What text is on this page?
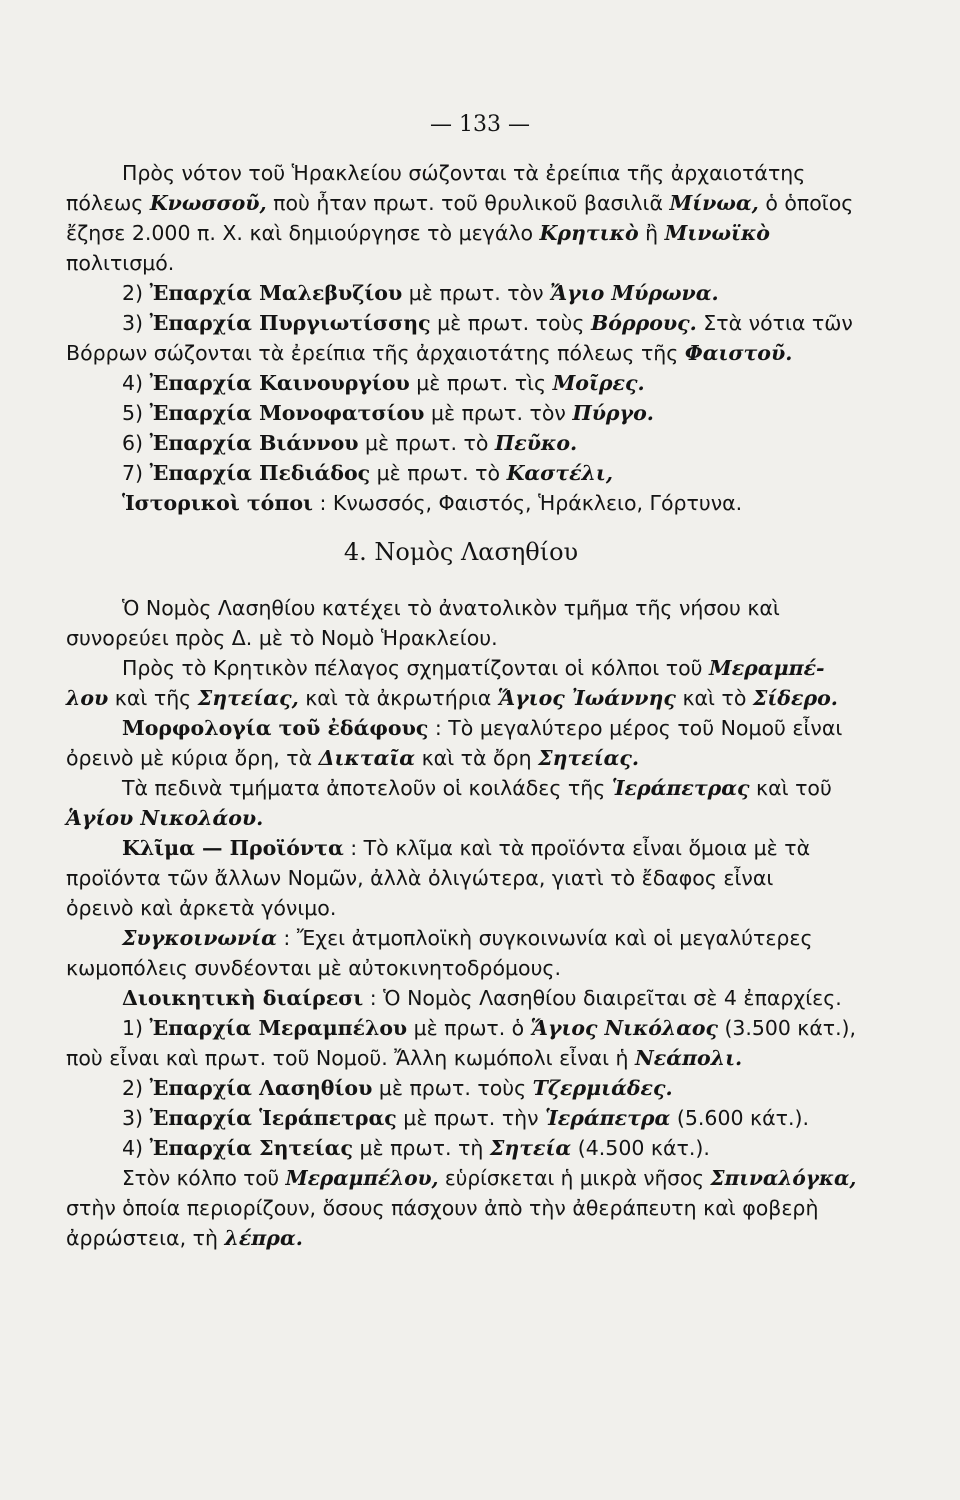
— 133 —
Πρὸς νότον τοῦ Ἡρακλείου σώζονται τὰ ἐρείπια τῆς ἀρχαιοτάτης
πόλεως Κνωσσοῦ, ποὺ ἦταν πρωτ. τοῦ θρυλικοῦ βασιλιᾶ Μίνωα, ὁ ὁποῖος
ἔζησε 2.000 π. Χ. καὶ δημιούργησε τὸ μεγάλο Κρητικὸ ἢ Μινωϊκὸ
πολιτισμό.
2) Ἐπαρχία Μαλεβυζίου μὲ πρωτ. τὸν Ἄγιο Μύρωνα.
3) Ἐπαρχία Πυργιωτίσσης μὲ πρωτ. τοὺς Βόρρους. Στὰ νότια τῶν
Βόρρων σώζονται τὰ ἐρείπια τῆς ἀρχαιοτάτης πόλεως τῆς Φαιστοῦ.
4) Ἐπαρχία Καινουργίου μὲ πρωτ. τὶς Μοῖρες.
5) Ἐπαρχία Μονοφατσίου μὲ πρωτ. τὸν Πύργο.
6) Ἐπαρχία Βιάννου μὲ πρωτ. τὸ Πεῦκο.
7) Ἐπαρχία Πεδιάδος μὲ πρωτ. τὸ Καστέλι,
Ἱστορικοὶ τόποι : Κνωσσός, Φαιστός, Ἡράκλειο, Γόρτυνα.
4. Νομὸς Λασηθίου
Ὁ Νομὸς Λασηθίου κατέχει τὸ ἀνατολικὸν τμῆμα τῆς νήσου καὶ
συνορεύει πρὸς Δ. μὲ τὸ Νομὸ Ἡρακλείου.
Πρὸς τὸ Κρητικὸν πέλαγος σχηματίζονται οἱ κόλποι τοῦ Μεραμπέ-
λου καὶ τῆς Σητείας, καὶ τὰ ἀκρωτήρια Ἅγιος Ἰωάννης καὶ τὸ Σίδερο.
Μορφολογία τοῦ ἐδάφους : Τὸ μεγαλύτερο μέρος τοῦ Νομοῦ εἶναι
ὀρεινὸ μὲ κύρια ὄρη, τὰ Δικταῖα καὶ τὰ ὄρη Σητείας.
Τὰ πεδινὰ τμήματα ἀποτελοῦν οἱ κοιλάδες τῆς Ἱεράπετρας καὶ τοῦ
Ἁγίου Νικολάου.
Κλῖμα — Προϊόντα : Τὸ κλῖμα καὶ τὰ προϊόντα εἶναι ὅμοια μὲ τὰ
προϊόντα τῶν ἄλλων Νομῶν, ἀλλὰ ὀλιγώτερα, γιατὶ τὸ ἔδαφος εἶναι
ὀρεινὸ καὶ ἀρκετὰ γόνιμο.
Συγκοινωνία : Ἔχει ἀτμοπλοϊκὴ συγκοινωνία καὶ οἱ μεγαλύτερες
κωμοπόλεις συνδέονται μὲ αὐτοκινητοδρόμους.
Διοικητικὴ διαίρεσι : Ὁ Νομὸς Λασηθίου διαιρεῖται σὲ 4 ἐπαρχίες.
1) Ἐπαρχία Μεραμπέλου μὲ πρωτ. ὁ Ἅγιος Νικόλαος (3.500 κάτ.),
ποὺ εἶναι καὶ πρωτ. τοῦ Νομοῦ. Ἄλλη κωμόπολι εἶναι ἡ Νεάπολι.
2) Ἐπαρχία Λασηθίου μὲ πρωτ. τοὺς Τζερμιάδες.
3) Ἐπαρχία Ἱεράπετρας μὲ πρωτ. τὴν Ἱεράπετρα (5.600 κάτ.).
4) Ἐπαρχία Σητείας μὲ πρωτ. τὴ Σητεία (4.500 κάτ.).
Στὸν κόλπο τοῦ Μεραμπέλου, εὑρίσκεται ἡ μικρὰ νῆσος Σπιναλόγκα,
στὴν ὁποία περιορίζουν, ὅσους πάσχουν ἀπὸ τὴν ἀθεράπευτη καὶ φοβερὴ
ἀρρώστεια, τὴ λέπρα.
